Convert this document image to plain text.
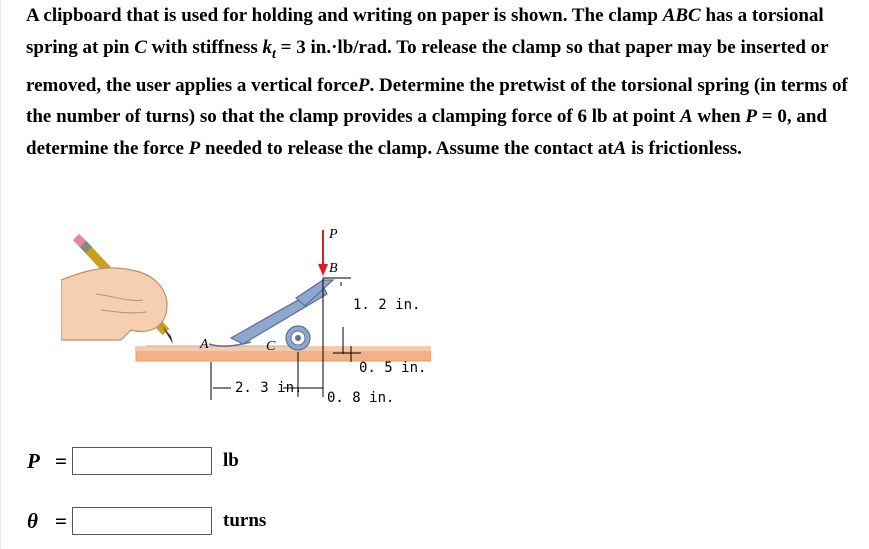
A clipboard that is used for holding and writing on paper is shown. The clamp ABC has a torsional spring at pin C with stiffness $k_t = 3$ in.·lb/rad. To release the clamp so that paper may be inserted or removed, the user applies a vertical forceP. Determine the pretwist of the torsional spring (in terms of the number of turns) so that the clamp provides a clamping force of 6 lb at point A when P = 0, and determine the force P needed to release the clamp. Assume the contact atA is frictionless.

P
B
A	C
1. 2 in.
0. 5 in.
2. 3 in.
0. 8 in.
P =	lb
θ =	turns
